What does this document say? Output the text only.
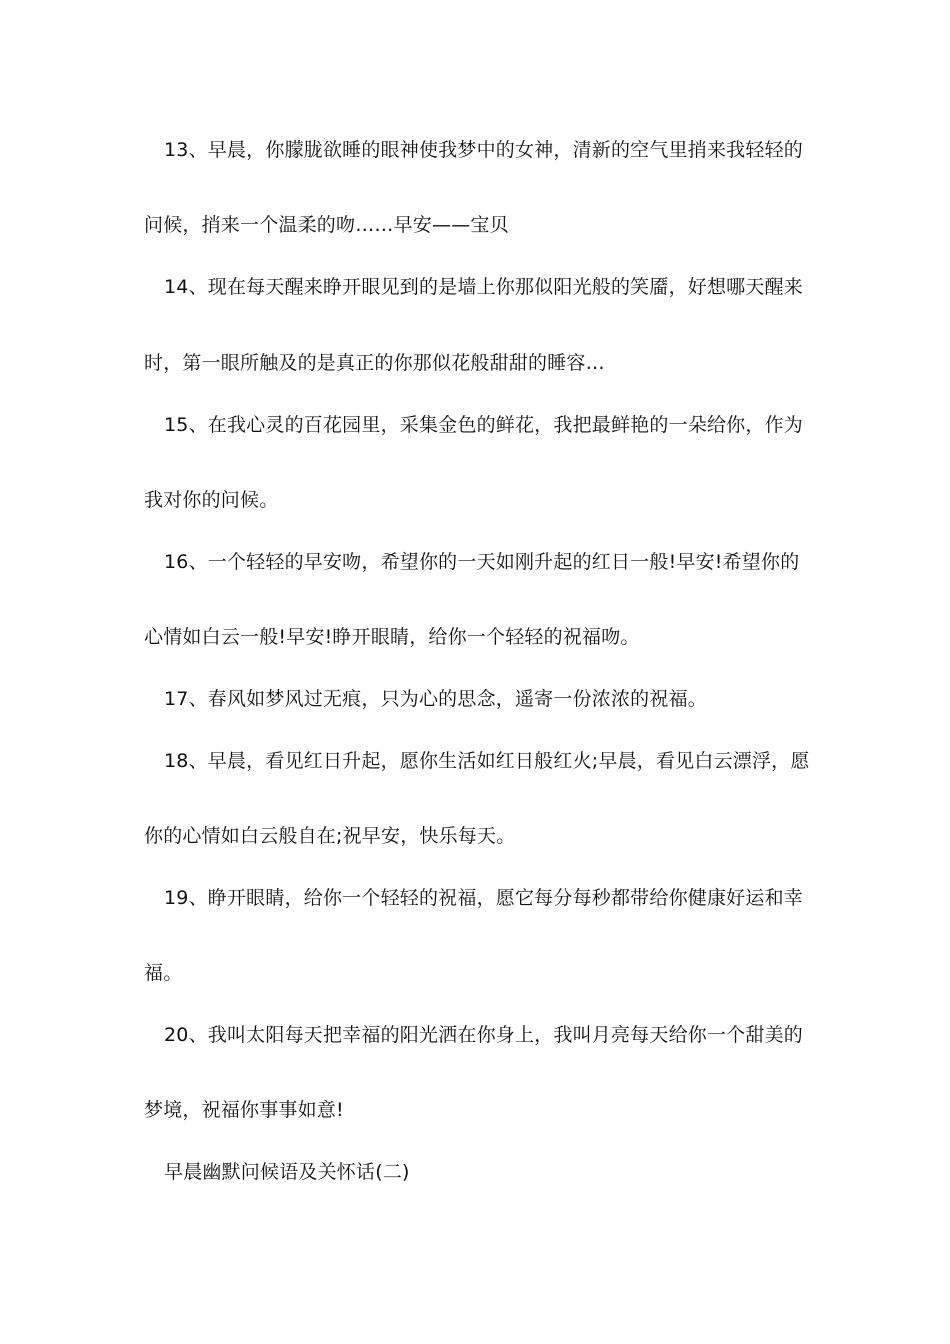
13、早晨，你朦胧欲睡的眼神使我梦中的女神，清新的空气里捎来我轻轻的
问候，捎来一个温柔的吻……早安——宝贝
14、现在每天醒来睁开眼见到的是墙上你那似阳光般的笑靥，好想哪天醒来
时，第一眼所触及的是真正的你那似花般甜甜的睡容…
15、在我心灵的百花园里，采集金色的鲜花，我把最鲜艳的一朵给你，作为
我对你的问候。
16、一个轻轻的早安吻，希望你的一天如刚升起的红日一般!早安!希望你的
心情如白云一般!早安!睁开眼睛，给你一个轻轻的祝福吻。
17、春风如梦风过无痕，只为心的思念，遥寄一份浓浓的祝福。
18、早晨，看见红日升起，愿你生活如红日般红火;早晨，看见白云漂浮，愿
你的心情如白云般自在;祝早安，快乐每天。
19、睁开眼睛，给你一个轻轻的祝福，愿它每分每秒都带给你健康好运和幸
福。
20、我叫太阳每天把幸福的阳光洒在你身上，我叫月亮每天给你一个甜美的
梦境，祝福你事事如意!
早晨幽默问候语及关怀话(二)
